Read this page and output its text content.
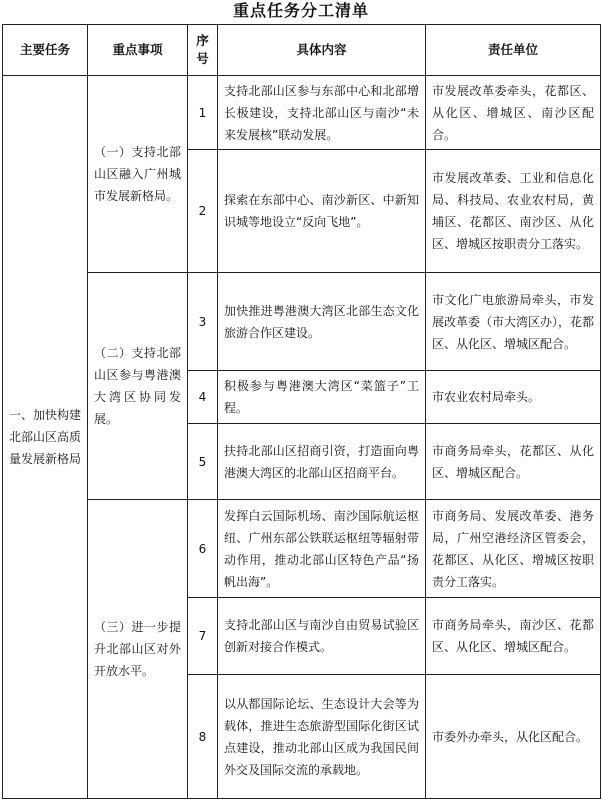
重点任务分工清单
主要任务	重点事项	序号	具体内容	责任单位
一、加快构建北部山区高质量发展新格局	（一）支持北部山区融入广州城市发展新格局。	1	支持北部山区参与东部中心和北部增长极建设，支持北部山区与南沙“未来发展核”联动发展。	市发展改革委牵头，花都区、从化区、增城区、南沙区配合。
		2	探索在东部中心、南沙新区、中新知识城等地设立“反向飞地”。	市发展改革委、工业和信息化局、科技局、农业农村局，黄埔区、花都区、南沙区、从化区、增城区按职责分工落实。
	（二）支持北部山区参与粤港澳大湾区协同发展。	3	加快推进粤港澳大湾区北部生态文化旅游合作区建设。	市文化广电旅游局牵头，市发展改革委（市大湾区办），花都区、从化区、增城区配合。
		4	积极参与粤港澳大湾区“菜篮子”工程。	市农业农村局牵头。
		5	扶持北部山区招商引资，打造面向粤港澳大湾区的北部山区招商平台。	市商务局牵头，花都区、从化区、增城区配合。
	（三）进一步提升北部山区对外开放水平。	6	发挥白云国际机场、南沙国际航运枢纽、广州东部公铁联运枢纽等辐射带动作用，推动北部山区特色产品“扬帆出海”。	市商务局、发展改革委、港务局，广州空港经济区管委会，花都区、从化区、增城区按职责分工落实。
		7	支持北部山区与南沙自由贸易试验区创新对接合作模式。	市商务局牵头，南沙区、花都区、从化区、增城区配合。
		8	以从都国际论坛、生态设计大会等为载体，推进生态旅游型国际化街区试点建设，推动北部山区成为我国民间外交及国际交流的承载地。	市委外办牵头，从化区配合。
